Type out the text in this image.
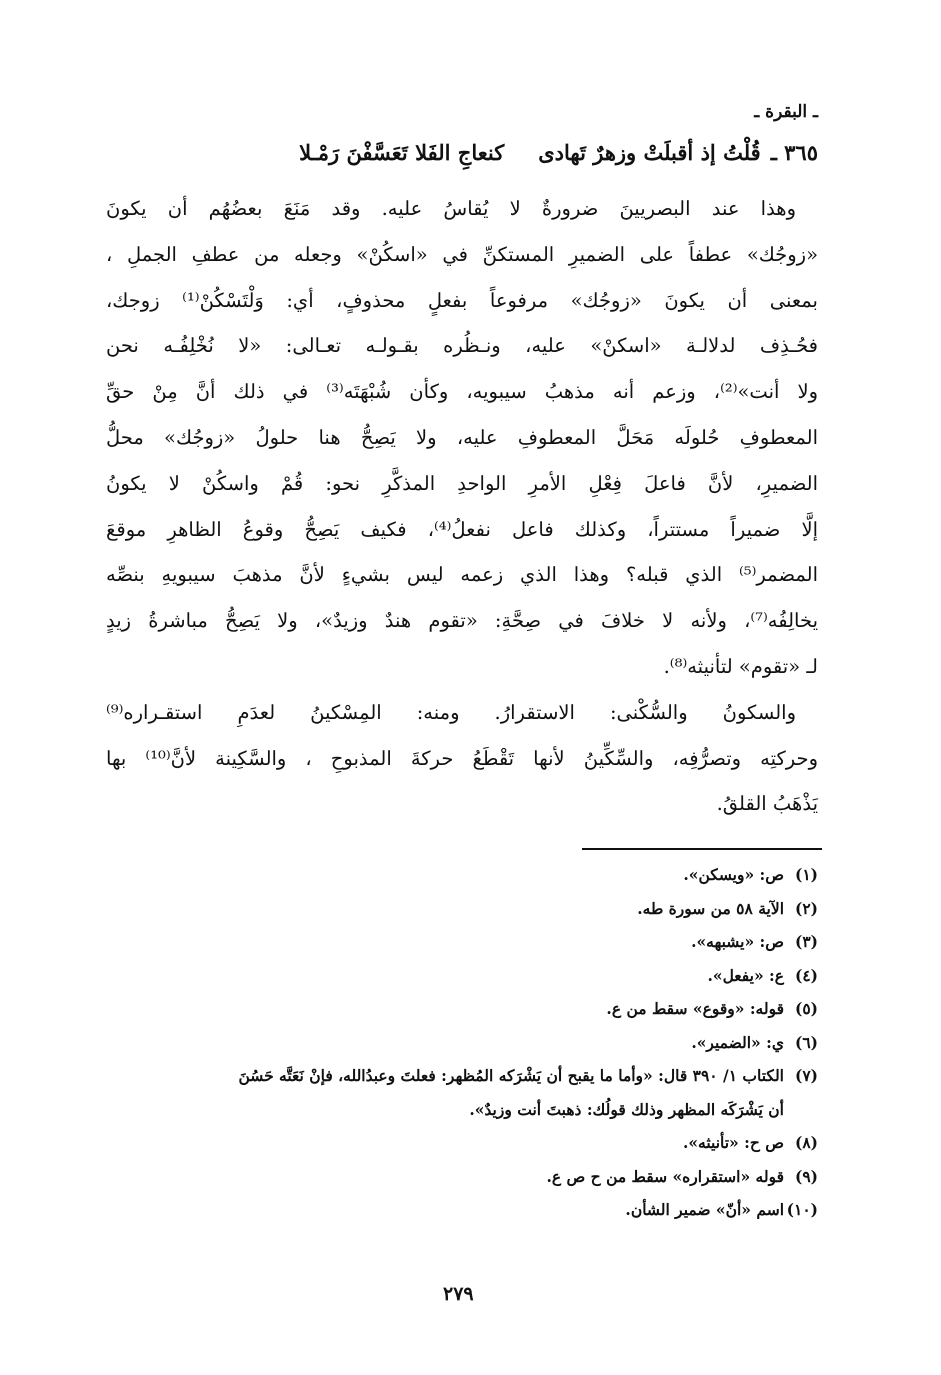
ـ البقرة ـ
٣٦٥ ـ
قُلْتُ إذ أقبلَتْ وزهرٌ تَهادى
كنعاجِ الفَلا تَعَسَّفْنَ رَمْـلا
وهذا عند البصريينَ ضرورةٌ لا يُقاسُ عليه. وقد مَنَعَ بعضُهُم أن يكونَ
«زوجُك» عطفاً على الضميرِ المستكنِّ في «اسكُنْ» وجعله من عطفِ الجملِ ،
بمعنى أن يكونَ «زوجُك» مرفوعاً بفعلٍ محذوفٍ، أي: وَلْتَسْكُنْ⁽¹⁾ زوجك،
فحُـذِف لدلالـة «اسكنْ» عليه، ونـظُره بقـولـه تعـالى: «لا نُخْلِفُـه نحن
ولا أنت»⁽²⁾، وزعم أنه مذهبُ سيبويه، وكأن شُبْهَتَه⁽³⁾ في ذلك أنَّ مِنْ حقِّ
المعطوفِ حُلولَه مَحَلَّ المعطوفِ عليه، ولا يَصِحُّ هنا حلولُ «زوجُك» محلُّ
الضميرِ، لأنَّ فاعلَ فِعْلِ الأمرِ الواحدِ المذكَّرِ نحو: قُمْ واسكُنْ لا يكونُ
إلَّا ضميراً مستتراً، وكذلك فاعل نفعلُ⁽⁴⁾، فكيف يَصِحُّ وقوعُ الظاهرِ موقعَ
المضمر⁽⁵⁾ الذي قبله؟ وهذا الذي زعمه ليس بشيءٍ لأنَّ مذهبَ سيبويهِ بنصِّه
يخالِفُه⁽⁷⁾، ولأنه لا خلافَ في صِحَّةِ: «تقوم هندٌ وزيدٌ»، ولا يَصِحُّ مباشرةُ زيدٍ
لـ «تقوم» لتأنيثه⁽⁸⁾.
والسكونُ والسُّكْنى: الاستقرارُ. ومنه: المِسْكينُ لعدَمِ استقـراره⁽⁹⁾
وحركتِه وتصرُّفِه، والسِّكِّينُ لأنها تَقْطَعُ حركةَ المذبوحِ ، والسَّكِينة لأنَّ⁽¹⁰⁾ بها
يَذْهَبُ القلقُ.
(١)
ص: «ويسكن».
(٢)
الآية ٥٨ من سورة طه.
(٣)
ص: «يشبهه».
(٤)
ع: «يفعل».
(٥)
قوله: «وقوع» سقط من ع.
(٦)
ي: «الضمير».
(٧)
الكتاب ١/ ٣٩٠ قال: «وأما ما يقبح أن يَشْرَكه المُظهر: فعلتَ وعبدُالله، فإنْ نَعَتَّه حَسُنَ
أن يَشْرَكَه المظهر وذلك قولُك: ذهبتَ أنت وزيدٌ».
(٨)
ص ح: «تأنيثه».
(٩)
قوله «استقراره» سقط من ح ص ع.
(١٠)
اسم «أنّ» ضمير الشأن.
٢٧٩
